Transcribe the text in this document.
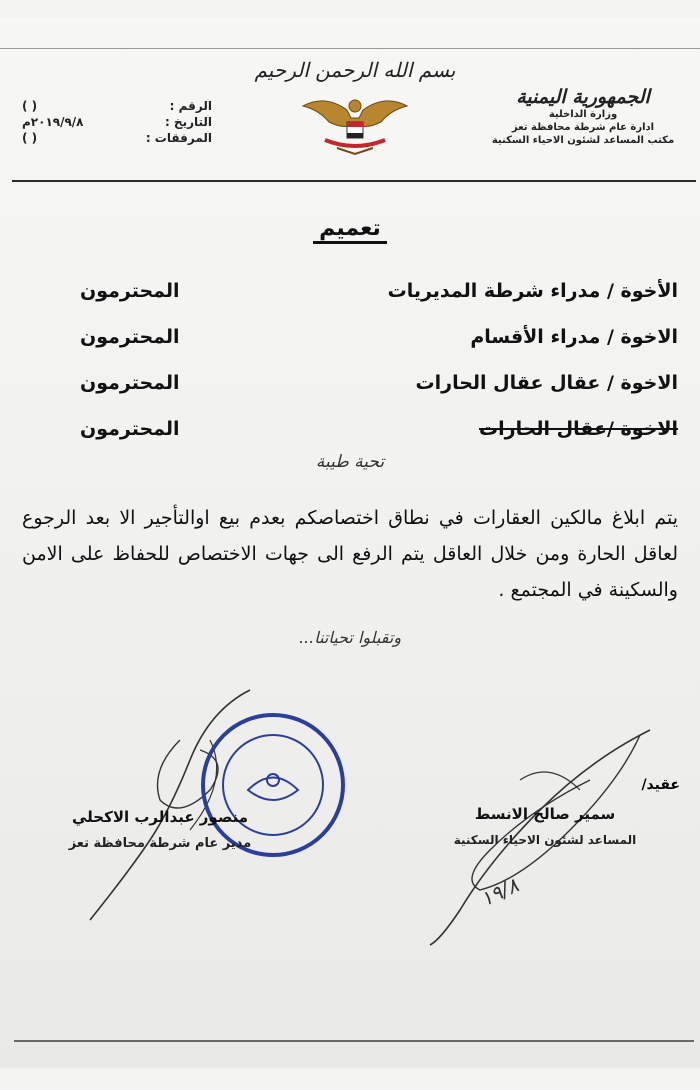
الجمهورية اليمنية
وزارة الداخلية
ادارة عام شرطة محافظة تعز
مكتب المساعد لشئون الاحياء السكنية
بسم الله الرحمن الرحيم
الرقم :
( )
التاريخ :
٢٠١٩/٩/٨م
المرفقات :
( )
تعميم
الأخوة / مدراء شرطة المديريات
المحترمون
الاخوة / مدراء الأقسام
المحترمون
الاخوة / عقال عقال الحارات
المحترمون
الاخوة /عقال الحارات
المحترمون
تحية طيبة
يتم ابلاغ مالكين العقارات في نطاق اختصاصكم بعدم بيع اوالتأجير الا بعد الرجوع لعاقل الحارة ومن خلال العاقل يتم الرفع الى جهات الاختصاص للحفاظ على الامن والسكينة في المجتمع .
وتقبلوا تحياتنا...
عقيد/
سمير صالح الانسط
المساعد لشئون الاحياء السكنية
منصور عبدالرب الاكحلي
مدير عام شرطة محافظة تعز
١٩/٨
